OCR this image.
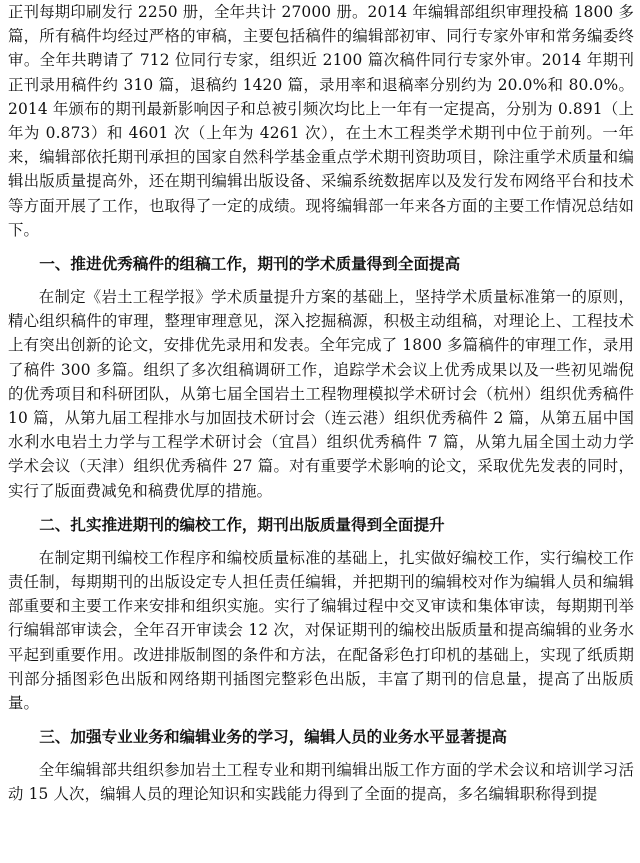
正刊每期印刷发行 2250 册，全年共计 27000 册。2014 年编辑部组织审理投稿 1800 多篇，所有稿件均经过严格的审稿，主要包括稿件的编辑部初审、同行专家外审和常务编委终审。全年共聘请了 712 位同行专家，组织近 2100 篇次稿件同行专家外审。2014 年期刊正刊录用稿件约 310 篇，退稿约 1420 篇，录用率和退稿率分别约为 20.0%和 80.0%。2014 年颁布的期刊最新影响因子和总被引频次均比上一年有一定提高，分别为 0.891（上年为 0.873）和 4601 次（上年为 4261 次），在土木工程类学术期刊中位于前列。一年来，编辑部依托期刊承担的国家自然科学基金重点学术期刊资助项目，除注重学术质量和编辑出版质量提高外，还在期刊编辑出版设备、采编系统数据库以及发行发布网络平台和技术等方面开展了工作，也取得了一定的成绩。现将编辑部一年来各方面的主要工作情况总结如下。

一、推进优秀稿件的组稿工作，期刊的学术质量得到全面提高

在制定《岩土工程学报》学术质量提升方案的基础上，坚持学术质量标准第一的原则，精心组织稿件的审理，整理审理意见，深入挖掘稿源，积极主动组稿，对理论上、工程技术上有突出创新的论文，安排优先录用和发表。全年完成了 1800 多篇稿件的审理工作，录用了稿件 300 多篇。组织了多次组稿调研工作，追踪学术会议上优秀成果以及一些初见端倪的优秀项目和科研团队，从第七届全国岩土工程物理模拟学术研讨会（杭州）组织优秀稿件 10 篇，从第九届工程排水与加固技术研讨会（连云港）组织优秀稿件 2 篇，从第五届中国水利水电岩土力学与工程学术研讨会（宜昌）组织优秀稿件 7 篇，从第九届全国土动力学学术会议（天津）组织优秀稿件 27 篇。对有重要学术影响的论文，采取优先发表的同时，实行了版面费减免和稿费优厚的措施。

二、扎实推进期刊的编校工作，期刊出版质量得到全面提升

在制定期刊编校工作程序和编校质量标准的基础上，扎实做好编校工作，实行编校工作责任制，每期期刊的出版设定专人担任责任编辑，并把期刊的编辑校对作为编辑人员和编辑部重要和主要工作来安排和组织实施。实行了编辑过程中交叉审读和集体审读，每期期刊举行编辑部审读会，全年召开审读会 12 次，对保证期刊的编校出版质量和提高编辑的业务水平起到重要作用。改进排版制图的条件和方法，在配备彩色打印机的基础上，实现了纸质期刊部分插图彩色出版和网络期刊插图完整彩色出版，丰富了期刊的信息量，提高了出版质量。

三、加强专业业务和编辑业务的学习，编辑人员的业务水平显著提高

全年编辑部共组织参加岩土工程专业和期刊编辑出版工作方面的学术会议和培训学习活动 15 人次，编辑人员的理论知识和实践能力得到了全面的提高，多名编辑职称得到提
